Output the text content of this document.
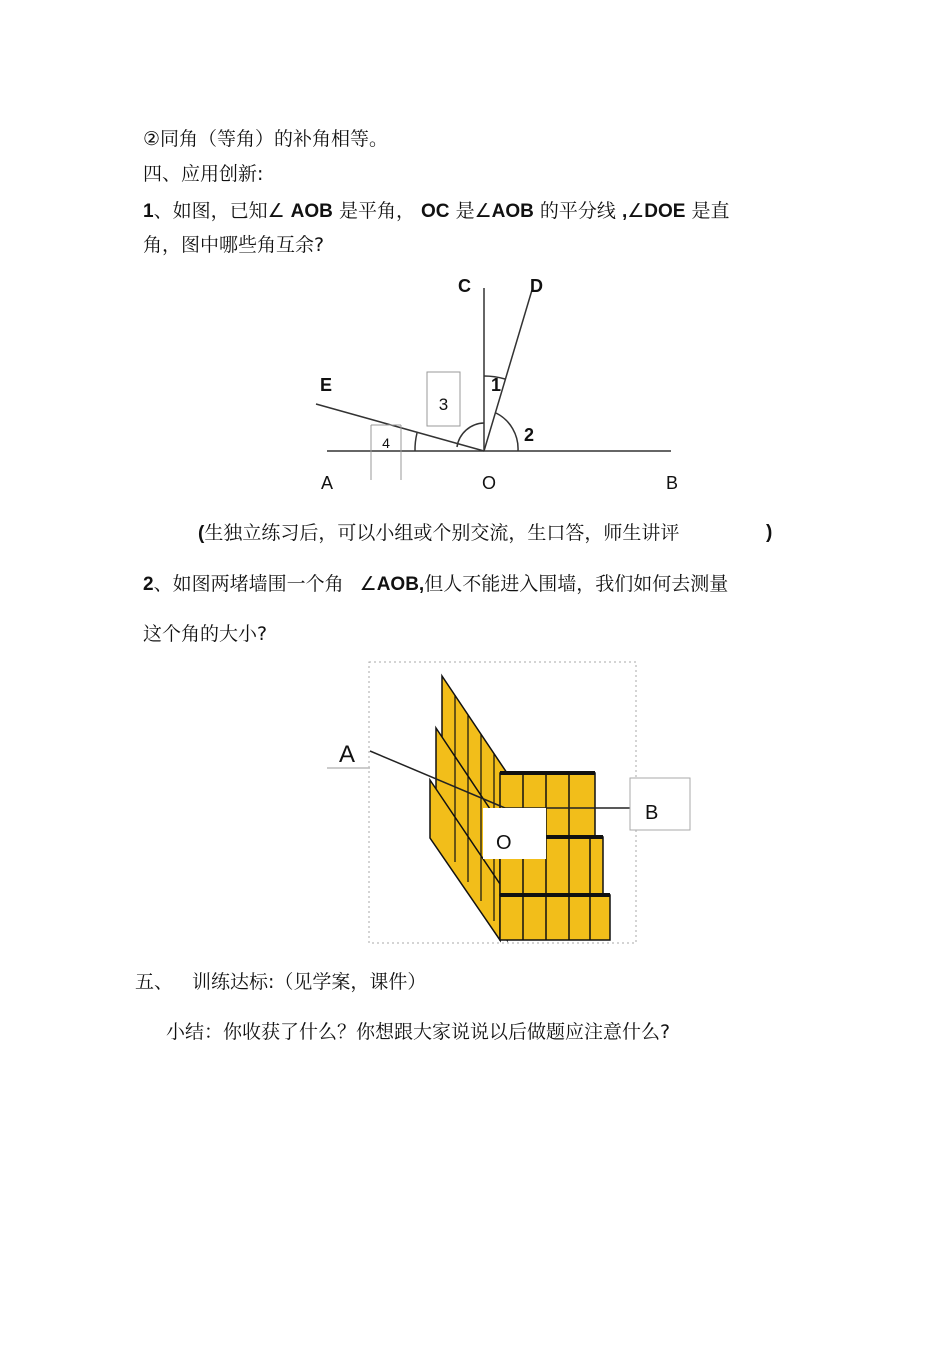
②同角（等角）的补角相等。
四、应用创新:
1、如图，已知∠ AOB 是平角， OC 是∠AOB 的平分线 ,∠DOE 是直
角，图中哪些角互余?
C	D
E	1
2
3
4
A	O	B
(生独立练习后，可以小组或个别交流，生口答，师生讲评	)
2、如图两堵墙围一个角 ∠AOB,但人不能进入围墙，我们如何去测量
这个角的大小?
A
B
O
五、 训练达标:（见学案，课件）
小结：你收获了什么？你想跟大家说说以后做题应注意什么?
